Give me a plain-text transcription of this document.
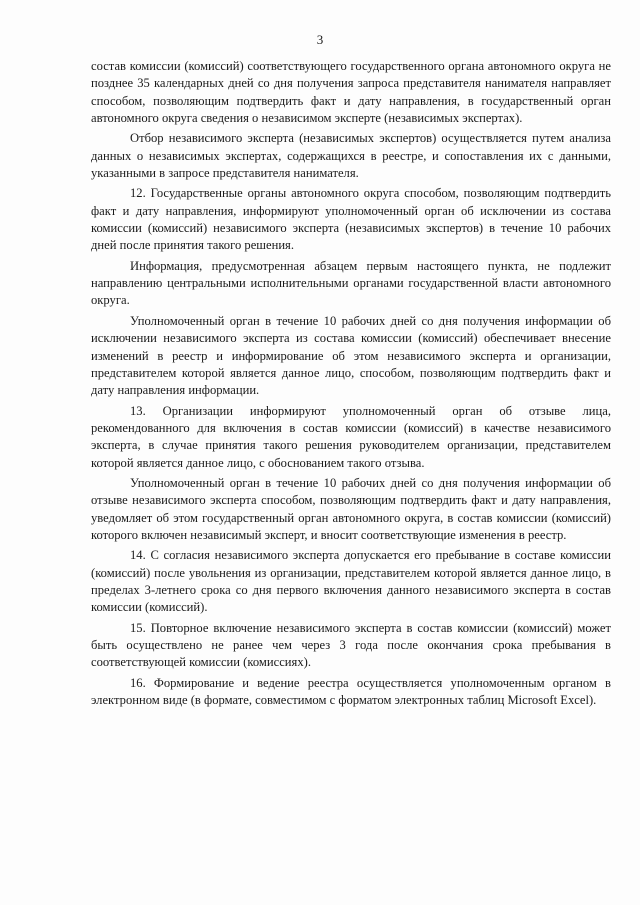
3

состав комиссии (комиссий) соответствующего государственного органа автономного округа не позднее 35 календарных дней со дня получения запроса представителя нанимателя направляет способом, позволяющим подтвердить факт и дату направления, в государственный орган автономного округа сведения о независимом эксперте (независимых экспертах).

Отбор независимого эксперта (независимых экспертов) осуществляется путем анализа данных о независимых экспертах, содержащихся в реестре, и сопоставления их с данными, указанными в запросе представителя нанимателя.

12. Государственные органы автономного округа способом, позволяющим подтвердить факт и дату направления, информируют уполномоченный орган об исключении из состава комиссии (комиссий) независимого эксперта (независимых экспертов) в течение 10 рабочих дней после принятия такого решения.

Информация, предусмотренная абзацем первым настоящего пункта, не подлежит направлению центральными исполнительными органами государственной власти автономного округа.

Уполномоченный орган в течение 10 рабочих дней со дня получения информации об исключении независимого эксперта из состава комиссии (комиссий) обеспечивает внесение изменений в реестр и информирование об этом независимого эксперта и организации, представителем которой является данное лицо, способом, позволяющим подтвердить факт и дату направления информации.

13. Организации информируют уполномоченный орган об отзыве лица, рекомендованного для включения в состав комиссии (комиссий) в качестве независимого эксперта, в случае принятия такого решения руководителем организации, представителем которой является данное лицо, с обоснованием такого отзыва.

Уполномоченный орган в течение 10 рабочих дней со дня получения информации об отзыве независимого эксперта способом, позволяющим подтвердить факт и дату направления, уведомляет об этом государственный орган автономного округа, в состав комиссии (комиссий) которого включен независимый эксперт, и вносит соответствующие изменения в реестр.

14. С согласия независимого эксперта допускается его пребывание в составе комиссии (комиссий) после увольнения из организации, представителем которой является данное лицо, в пределах 3-летнего срока со дня первого включения данного независимого эксперта в состав комиссии (комиссий).

15. Повторное включение независимого эксперта в состав комиссии (комиссий) может быть осуществлено не ранее чем через 3 года после окончания срока пребывания в соответствующей комиссии (комиссиях).

16. Формирование и ведение реестра осуществляется уполномоченным органом в электронном виде (в формате, совместимом с форматом электронных таблиц Microsoft Excel).
